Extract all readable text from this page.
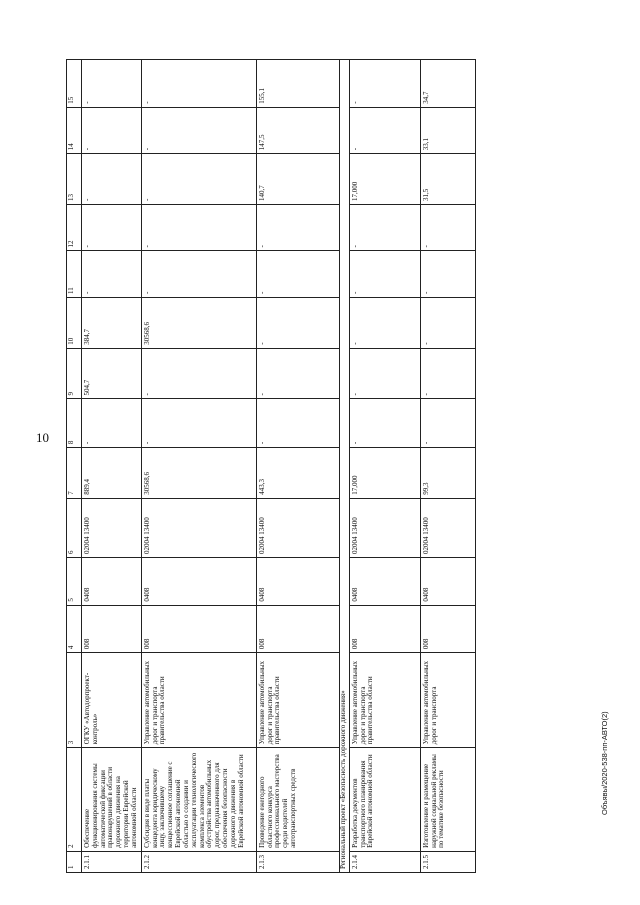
10
Объявы/2020-538-пп-АВТО(2)
1	2	3	4	5	6	7	8	9	10	11	12	13	14	15
2.1.1	Обеспечение функционирования системы автоматической фиксации правонарушений в области дорожного движения на территории Еврейской автономной области	ОГКУ «Автодорпроект-контроль»	008	0408	02004 13400	889,4	-	504,7	384,7	-	-	-	-	-
2.1.2	Субсидия в виде платы концедента юридическому лицу, заключившему концессионное соглашение с Еврейской автономной областью о создании и эксплуатации технологического комплекса элементов обустройства автомобильных дорог, предназначенного для обеспечения безопасности дорожного движения в Еврейской автономной области	Управление автомобильных дорог и транспорта правительства области	008	0408	02004 13400	30568,6	-	-	30568,6	-	-	-	-	-
2.1.3	Проведение ежегодного областного конкурса профессионального мастерства среди водителей автотранспортных средств	Управление автомобильных дорог и транспорта правительства области	008	0408	02004 13400	443,3	-	-	-	-	-	140,7	147,5	155,1
Региональный проект «Безопасность дорожного движения»														
2.1.4	Разработка документов транспортного планирования Еврейской автономной области	Управление автомобильных дорог и транспорта правительства области	008	0408	02004 13400	17,000	-	-	-	-	-	17,000	-	-
2.1.5	Изготовление и размещение наружной социальной рекламы по тематике безопасности	Управление автомобильных дорог и транспорта	008	0408	02004 13400	99,3	-	-	-	-	-	31,5	33,1	34,7
